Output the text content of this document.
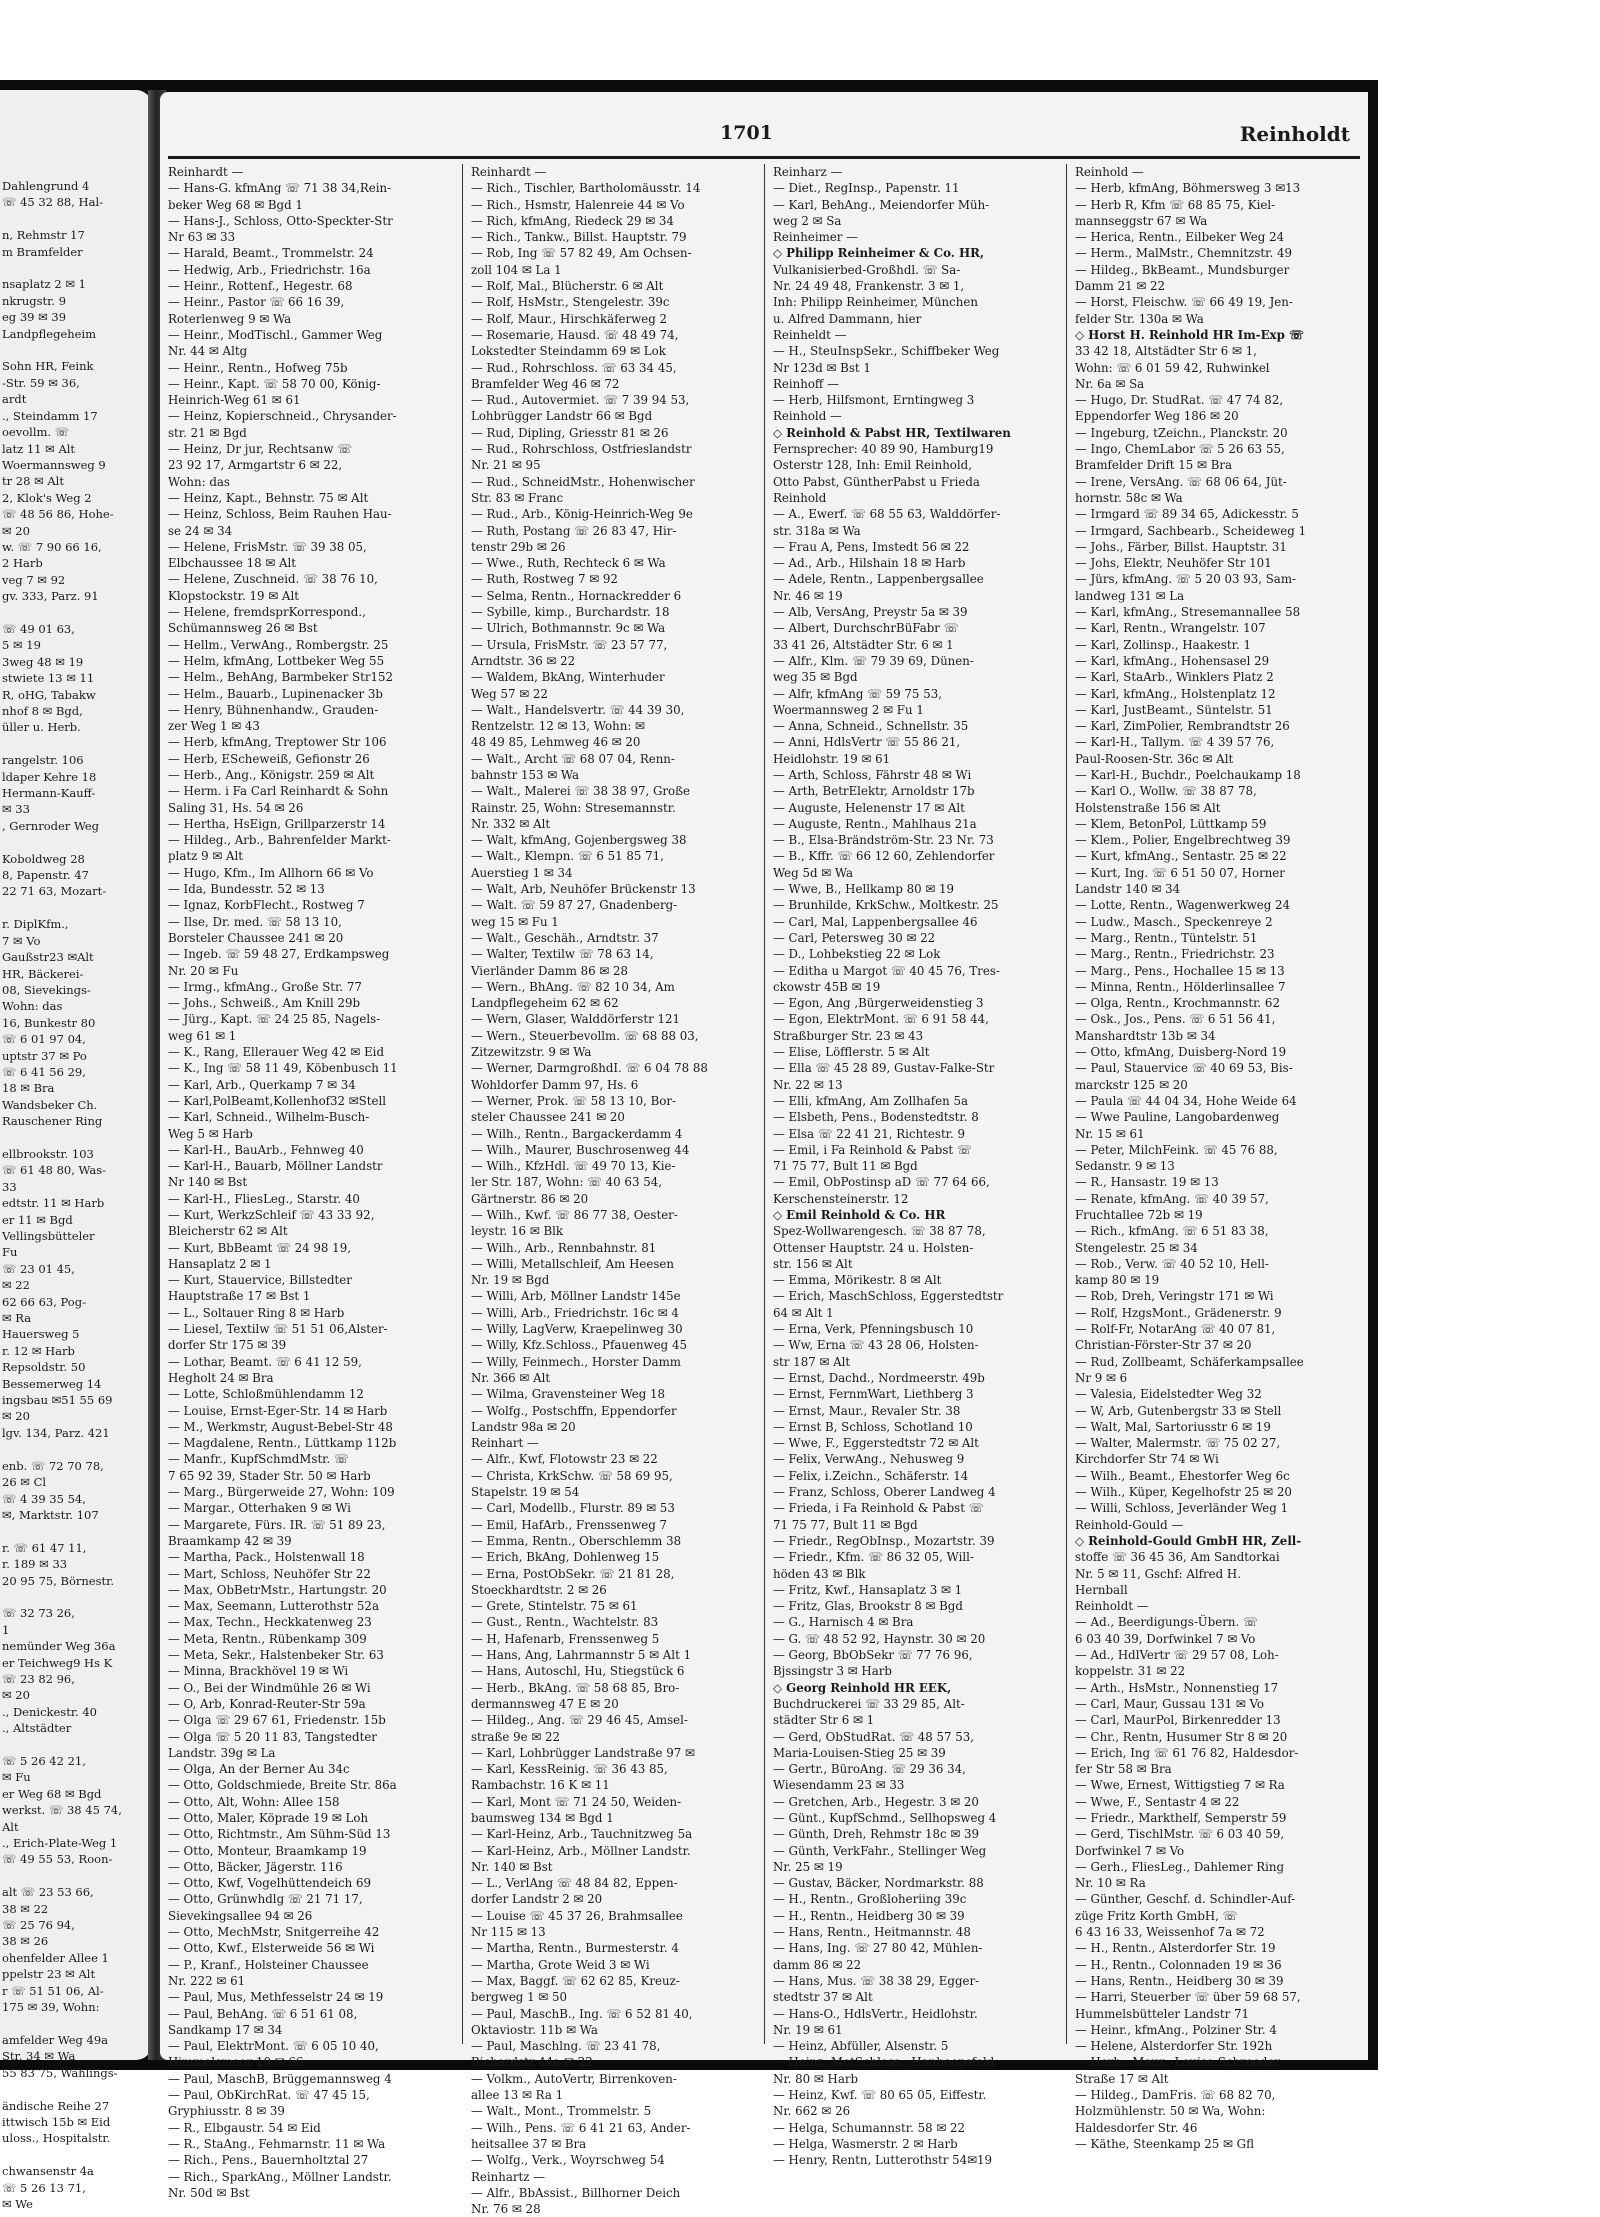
Dahlengrund 4
☏ 45 32 88, Hal-

n, Rehmstr 17
m Bramfelder

nsaplatz 2 ✉ 1
nkrugstr. 9
eg 39 ✉ 39
Landpflegeheim

Sohn HR, Feink
-Str. 59 ✉ 36,
ardt
., Steindamm 17
oevollm. ☏
latz 11 ✉ Alt
Woermannsweg 9
tr 28 ✉ Alt
2, Klok's Weg 2
☏ 48 56 86, Hohe-
✉ 20
w. ☏ 7 90 66 16,
2 Harb
veg 7 ✉ 92
gv. 333, Parz. 91

☏ 49 01 63,
5 ✉ 19
3weg 48 ✉ 19
stwiete 13 ✉ 11
R, oHG, Tabakw
nhof 8 ✉ Bgd,
üller u. Herb.

rangelstr. 106
ldaper Kehre 18
Hermann-Kauff-
✉ 33
, Gernroder Weg

Koboldweg 28
8, Papenstr. 47
22 71 63, Mozart-

r. DiplKfm.,
7 ✉ Vo
Gaußstr23 ✉Alt
HR, Bäckerei-
08, Sievekings-
Wohn: das
16, Bunkestr 80
☏ 6 01 97 04,
uptstr 37 ✉ Po
☏ 6 41 56 29,
18 ✉ Bra
Wandsbeker Ch.
Rauschener Ring

ellbrookstr. 103
☏ 61 48 80, Was-
33
edtstr. 11 ✉ Harb
er 11 ✉ Bgd
Vellingsbütteler
Fu
☏ 23 01 45,
✉ 22
62 66 63, Pog-
✉ Ra
Hauersweg 5
r. 12 ✉ Harb
Repsoldstr. 50
Bessemerweg 14
ingsbau ✉51 55 69
✉ 20
lgv. 134, Parz. 421

enb. ☏ 72 70 78,
26 ✉ Cl
☏ 4 39 35 54,
✉, Marktstr. 107

r. ☏ 61 47 11,
r. 189 ✉ 33
20 95 75, Börnestr.

☏ 32 73 26,
1
nemünder Weg 36a
er Teichweg9 Hs K
☏ 23 82 96,
✉ 20
., Denickestr. 40
., Altstädter

☏ 5 26 42 21,
✉ Fu
er Weg 68 ✉ Bgd
werkst. ☏ 38 45 74,
Alt
., Erich-Plate-Weg 1
☏ 49 55 53, Roon-

alt ☏ 23 53 66,
38 ✉ 22
☏ 25 76 94,
38 ✉ 26
ohenfelder Allee 1
ppelstr 23 ✉ Alt
r ☏ 51 51 06, Al-
175 ✉ 39, Wohn:

amfelder Weg 49a
Str. 34 ✉ Wa
55 83 75, Wählings-

ändische Reihe 27
ittwisch 15b ✉ Eid
uloss., Hospitalstr.

chwansenstr 4a
☏ 5 26 13 71,
✉ We
1701	Reinholdt
Reinhardt —
— Hans-G. kfmAng ☏ 71 38 34,Rein-
beker Weg 68 ✉ Bgd 1
— Hans-J., Schloss, Otto-Speckter-Str
Nr 63 ✉ 33
— Harald, Beamt., Trommelstr. 24
— Hedwig, Arb., Friedrichstr. 16a
— Heinr., Rottenf., Hegestr. 68
— Heinr., Pastor ☏ 66 16 39,
Roterlenweg 9 ✉ Wa
— Heinr., ModTischl., Gammer Weg
Nr. 44 ✉ Altg
— Heinr., Rentn., Hofweg 75b
— Heinr., Kapt. ☏ 58 70 00, König-
Heinrich-Weg 61 ✉ 61
— Heinz, Kopierschneid., Chrysander-
str. 21 ✉ Bgd
— Heinz, Dr jur, Rechtsanw ☏
23 92 17, Armgartstr 6 ✉ 22,
Wohn: das
— Heinz, Kapt., Behnstr. 75 ✉ Alt
— Heinz, Schloss, Beim Rauhen Hau-
se 24 ✉ 34
— Helene, FrisMstr. ☏ 39 38 05,
Elbchaussee 18 ✉ Alt
— Helene, Zuschneid. ☏ 38 76 10,
Klopstockstr. 19 ✉ Alt
— Helene, fremdsprKorrespond.,
Schümannsweg 26 ✉ Bst
— Hellm., VerwAng., Rombergstr. 25
— Helm, kfmAng, Lottbeker Weg 55
— Helm., BehAng, Barmbeker Str152
— Helm., Bauarb., Lupinenacker 3b
— Henry, Bühnenhandw., Grauden-
zer Weg 1 ✉ 43
— Herb, kfmAng, Treptower Str 106
— Herb, EScheweiß, Gefionstr 26
— Herb., Ang., Königstr. 259 ✉ Alt
— Herm. i Fa Carl Reinhardt & Sohn
Saling 31, Hs. 54 ✉ 26
— Hertha, HsEign, Grillparzerstr 14
— Hildeg., Arb., Bahrenfelder Markt-
platz 9 ✉ Alt
— Hugo, Kfm., Im Allhorn 66 ✉ Vo
— Ida, Bundesstr. 52 ✉ 13
— Ignaz, KorbFlecht., Rostweg 7
— Ilse, Dr. med. ☏ 58 13 10,
Borsteler Chaussee 241 ✉ 20
— Ingeb. ☏ 59 48 27, Erdkampsweg
Nr. 20 ✉ Fu
— Irmg., kfmAng., Große Str. 77
— Johs., Schweiß., Am Knill 29b
— Jürg., Kapt. ☏ 24 25 85, Nagels-
weg 61 ✉ 1
— K., Rang, Ellerauer Weg 42 ✉ Eid
— K., Ing ☏ 58 11 49, Köbenbusch 11
— Karl, Arb., Querkamp 7 ✉ 34
— Karl,PolBeamt,Kollenhof32 ✉Stell
— Karl, Schneid., Wilhelm-Busch-
Weg 5 ✉ Harb
— Karl-H., BauArb., Fehnweg 40
— Karl-H., Bauarb, Möllner Landstr
Nr 140 ✉ Bst
— Karl-H., FliesLeg., Starstr. 40
— Kurt, WerkzSchleif ☏ 43 33 92,
Bleicherstr 62 ✉ Alt
— Kurt, BbBeamt ☏ 24 98 19,
Hansaplatz 2 ✉ 1
— Kurt, Stauervice, Billstedter
Hauptstraße 17 ✉ Bst 1
— L., Soltauer Ring 8 ✉ Harb
— Liesel, Textilw ☏ 51 51 06,Alster-
dorfer Str 175 ✉ 39
— Lothar, Beamt. ☏ 6 41 12 59,
Hegholt 24 ✉ Bra
— Lotte, Schloßmühlendamm 12
— Louise, Ernst-Eger-Str. 14 ✉ Harb
— M., Werkmstr, August-Bebel-Str 48
— Magdalene, Rentn., Lüttkamp 112b
— Manfr., KupfSchmdMstr. ☏
7 65 92 39, Stader Str. 50 ✉ Harb
— Marg., Bürgerweide 27, Wohn: 109
— Margar., Otterhaken 9 ✉ Wi
— Margarete, Fürs. IR. ☏ 51 89 23,
Braamkamp 42 ✉ 39
— Martha, Pack., Holstenwall 18
— Mart, Schloss, Neuhöfer Str 22
— Max, ObBetrMstr., Hartungstr. 20
— Max, Seemann, Lutterothstr 52a
— Max, Techn., Heckkatenweg 23
— Meta, Rentn., Rübenkamp 309
— Meta, Sekr., Halstenbeker Str. 63
— Minna, Brackhövel 19 ✉ Wi
— O., Bei der Windmühle 26 ✉ Wi
— O, Arb, Konrad-Reuter-Str 59a
— Olga ☏ 29 67 61, Friedenstr. 15b
— Olga ☏ 5 20 11 83, Tangstedter
Landstr. 39g ✉ La
— Olga, An der Berner Au 34c
— Otto, Goldschmiede, Breite Str. 86a
— Otto, Alt, Wohn: Allee 158
— Otto, Maler, Köprade 19 ✉ Loh
— Otto, Richtmstr., Am Sühm-Süd 13
— Otto, Monteur, Braamkamp 19
— Otto, Bäcker, Jägerstr. 116
— Otto, Kwf, Vogelhüttendeich 69
— Otto, Grünwhdlg ☏ 21 71 17,
Sievekingsallee 94 ✉ 26
— Otto, MechMstr, Snitgerreihe 42
— Otto, Kwf., Elsterweide 56 ✉ Wi
— P., Kranf., Holsteiner Chaussee
Nr. 222 ✉ 61
— Paul, Mus, Methfesselstr 24 ✉ 19
— Paul, BehAng. ☏ 6 51 61 08,
Sandkamp 17 ✉ 34
— Paul, ElektrMont. ☏ 6 05 10 40,
Himmelsmoor 10 ✉ 66
— Paul, MaschB, Brüggemannsweg 4
— Paul, ObKirchRat. ☏ 47 45 15,
Gryphiusstr. 8 ✉ 39
— R., Elbgaustr. 54 ✉ Eid
— R., StaAng., Fehmarnstr. 11 ✉ Wa
— Rich., Pens., Bauernholtztal 27
— Rich., SparkAng., Möllner Landstr.
Nr. 50d ✉ Bst
Reinhardt —
— Rich., Tischler, Bartholomäusstr. 14
— Rich., Hsmstr, Halenreie 44 ✉ Vo
— Rich, kfmAng, Riedeck 29 ✉ 34
— Rich., Tankw., Billst. Hauptstr. 79
— Rob, Ing ☏ 57 82 49, Am Ochsen-
zoll 104 ✉ La 1
— Rolf, Mal., Blücherstr. 6 ✉ Alt
— Rolf, HsMstr., Stengelestr. 39c
— Rolf, Maur., Hirschkäferweg 2
— Rosemarie, Hausd. ☏ 48 49 74,
Lokstedter Steindamm 69 ✉ Lok
— Rud., Rohrschloss. ☏ 63 34 45,
Bramfelder Weg 46 ✉ 72
— Rud., Autovermiet. ☏ 7 39 94 53,
Lohbrügger Landstr 66 ✉ Bgd
— Rud, Dipling, Griesstr 81 ✉ 26
— Rud., Rohrschloss, Ostfrieslandstr
Nr. 21 ✉ 95
— Rud., SchneidMstr., Hohenwischer
Str. 83 ✉ Franc
— Rud., Arb., König-Heinrich-Weg 9e
— Ruth, Postang ☏ 26 83 47, Hir-
tenstr 29b ✉ 26
— Wwe., Ruth, Rechteck 6 ✉ Wa
— Ruth, Rostweg 7 ✉ 92
— Selma, Rentn., Hornackredder 6
— Sybille, kimp., Burchardstr. 18
— Ulrich, Bothmannstr. 9c ✉ Wa
— Ursula, FrisMstr. ☏ 23 57 77,
Arndtstr. 36 ✉ 22
— Waldem, BkAng, Winterhuder
Weg 57 ✉ 22
— Walt., Handelsvertr. ☏ 44 39 30,
Rentzelstr. 12 ✉ 13, Wohn: ✉
48 49 85, Lehmweg 46 ✉ 20
— Walt., Archt ☏ 68 07 04, Renn-
bahnstr 153 ✉ Wa
— Walt., Malerei ☏ 38 38 97, Große
Rainstr. 25, Wohn: Stresemannstr.
Nr. 332 ✉ Alt
— Walt, kfmAng, Gojenbergsweg 38
— Walt., Klempn. ☏ 6 51 85 71,
Auerstieg 1 ✉ 34
— Walt, Arb, Neuhöfer Brückenstr 13
— Walt. ☏ 59 87 27, Gnadenberg-
weg 15 ✉ Fu 1
— Walt., Geschäh., Arndtstr. 37
— Walter, Textilw ☏ 78 63 14,
Vierländer Damm 86 ✉ 28
— Wern., BhAng. ☏ 82 10 34, Am
Landpflegeheim 62 ✉ 62
— Wern, Glaser, Walddörferstr 121
— Wern., Steuerbevollm. ☏ 68 88 03,
Zitzewitzstr. 9 ✉ Wa
— Werner, DarmgroßhdI. ☏ 6 04 78 88
Wohldorfer Damm 97, Hs. 6
— Werner, Prok. ☏ 58 13 10, Bor-
steler Chaussee 241 ✉ 20
— Wilh., Rentn., Bargackerdamm 4
— Wilh., Maurer, Buschrosenweg 44
— Wilh., KfzHdl. ☏ 49 70 13, Kie-
ler Str. 187, Wohn: ☏ 40 63 54,
Gärtnerstr. 86 ✉ 20
— Wilh., Kwf. ☏ 86 77 38, Oester-
leystr. 16 ✉ Blk
— Wilh., Arb., Rennbahnstr. 81
— Willi, Metallschleif, Am Heesen
Nr. 19 ✉ Bgd
— Willi, Arb, Möllner Landstr 145e
— Willi, Arb., Friedrichstr. 16c ✉ 4
— Willy, LagVerw, Kraepelinweg 30
— Willy, Kfz.Schloss., Pfauenweg 45
— Willy, Feinmech., Horster Damm
Nr. 366 ✉ Alt
— Wilma, Gravensteiner Weg 18
— Wolfg., Postschffn, Eppendorfer
Landstr 98a ✉ 20
Reinhart —
— Alfr., Kwf, Flotowstr 23 ✉ 22
— Christa, KrkSchw. ☏ 58 69 95,
Stapelstr. 19 ✉ 54
— Carl, Modellb., Flurstr. 89 ✉ 53
— Emil, HafArb., Frenssenweg 7
— Emma, Rentn., Oberschlemm 38
— Erich, BkAng, Dohlenweg 15
— Erna, PostObSekr. ☏ 21 81 28,
Stoeckhardtstr. 2 ✉ 26
— Grete, Stintelstr. 75 ✉ 61
— Gust., Rentn., Wachtelstr. 83
— H, Hafenarb, Frenssenweg 5
— Hans, Ang, Lahrmannstr 5 ✉ Alt 1
— Hans, Autoschl, Hu, Stiegstück 6
— Herb., BkAng. ☏ 58 68 85, Bro-
dermannsweg 47 E ✉ 20
— Hildeg., Ang. ☏ 29 46 45, Amsel-
straße 9e ✉ 22
— Karl, Lohbrügger Landstraße 97 ✉
— Karl, KessReinig. ☏ 36 43 85,
Rambachstr. 16 K ✉ 11
— Karl, Mont ☏ 71 24 50, Weiden-
baumsweg 134 ✉ Bgd 1
— Karl-Heinz, Arb., Tauchnitzweg 5a
— Karl-Heinz, Arb., Möllner Landstr.
Nr. 140 ✉ Bst
— L., VerlAng ☏ 48 84 82, Eppen-
dorfer Landstr 2 ✉ 20
— Louise ☏ 45 37 26, Brahmsallee
Nr 115 ✉ 13
— Martha, Rentn., Burmesterstr. 4
— Martha, Grote Weid 3 ✉ Wi
— Max, Baggf. ☏ 62 62 85, Kreuz-
bergweg 1 ✉ 50
— Paul, MaschB., Ing. ☏ 6 52 81 40,
Oktaviostr. 11b ✉ Wa
— Paul, Maschlng. ☏ 23 41 78,
Richardstr 44a ✉ 22
— Volkm., AutoVertr, Birrenkoven-
allee 13 ✉ Ra 1
— Walt., Mont., Trommelstr. 5
— Wilh., Pens. ☏ 6 41 21 63, Ander-
heitsallee 37 ✉ Bra
— Wolfg., Verk., Woyrschweg 54
Reinhartz —
— Alfr., BbAssist., Billhorner Deich
Nr. 76 ✉ 28
Reinharz —
— Diet., RegInsp., Papenstr. 11
— Karl, BehAng., Meiendorfer Müh-
weg 2 ✉ Sa
Reinheimer —
◇ Philipp Reinheimer & Co. HR,
Vulkanisierbed-Großhdl. ☏ Sa-
Nr. 24 49 48, Frankenstr. 3 ✉ 1,
Inh: Philipp Reinheimer, München
u. Alfred Dammann, hier
Reinheldt —
— H., SteuInspSekr., Schiffbeker Weg
Nr 123d ✉ Bst 1
Reinhoff —
— Herb, Hilfsmont, Erntingweg 3
Reinhold —
◇ Reinhold & Pabst HR, Textilwaren
Fernsprecher: 40 89 90, Hamburg19
Osterstr 128, Inh: Emil Reinhold,
Otto Pabst, GüntherPabst u Frieda
Reinhold
— A., Ewerf. ☏ 68 55 63, Walddörfer-
str. 318a ✉ Wa
— Frau A, Pens, Imstedt 56 ✉ 22
— Ad., Arb., Hilshain 18 ✉ Harb
— Adele, Rentn., Lappenbergsallee
Nr. 46 ✉ 19
— Alb, VersAng, Preystr 5a ✉ 39
— Albert, DurchschrBüFabr ☏
33 41 26, Altstädter Str. 6 ✉ 1
— Alfr., Klm. ☏ 79 39 69, Dünen-
weg 35 ✉ Bgd
— Alfr, kfmAng ☏ 59 75 53,
Woermannsweg 2 ✉ Fu 1
— Anna, Schneid., Schnellstr. 35
— Anni, HdlsVertr ☏ 55 86 21,
Heidlohstr. 19 ✉ 61
— Arth, Schloss, Fährstr 48 ✉ Wi
— Arth, BetrElektr, Arnoldstr 17b
— Auguste, Helenenstr 17 ✉ Alt
— Auguste, Rentn., Mahlhaus 21a
— B., Elsa-Brändström-Str. 23 Nr. 73
— B., Kffr. ☏ 66 12 60, Zehlendorfer
Weg 5d ✉ Wa
— Wwe, B., Hellkamp 80 ✉ 19
— Brunhilde, KrkSchw., Moltkestr. 25
— Carl, Mal, Lappenbergsallee 46
— Carl, Petersweg 30 ✉ 22
— D., Lohbekstieg 22 ✉ Lok
— Editha u Margot ☏ 40 45 76, Tres-
ckowstr 45B ✉ 19
— Egon, Ang ,Bürgerweidenstieg 3
— Egon, ElektrMont. ☏ 6 91 58 44,
Straßburger Str. 23 ✉ 43
— Elise, Löfflerstr. 5 ✉ Alt
— Ella ☏ 45 28 89, Gustav-Falke-Str
Nr. 22 ✉ 13
— Elli, kfmAng, Am Zollhafen 5a
— Elsbeth, Pens., Bodenstedtstr. 8
— Elsa ☏ 22 41 21, Richtestr. 9
— Emil, i Fa Reinhold & Pabst ☏
71 75 77, Bult 11 ✉ Bgd
— Emil, ObPostinsp aD ☏ 77 64 66,
Kerschensteinerstr. 12
◇ Emil Reinhold & Co. HR
Spez-Wollwarengesch. ☏ 38 87 78,
Ottenser Hauptstr. 24 u. Holsten-
str. 156 ✉ Alt
— Emma, Mörikestr. 8 ✉ Alt
— Erich, MaschSchloss, Eggerstedtstr
64 ✉ Alt 1
— Erna, Verk, Pfenningsbusch 10
— Ww, Erna ☏ 43 28 06, Holsten-
str 187 ✉ Alt
— Ernst, Dachd., Nordmeerstr. 49b
— Ernst, FernmWart, Liethberg 3
— Ernst, Maur., Revaler Str. 38
— Ernst B, Schloss, Schotland 10
— Wwe, F., Eggerstedtstr 72 ✉ Alt
— Felix, VerwAng., Nehusweg 9
— Felix, i.Zeichn., Schäferstr. 14
— Franz, Schloss, Oberer Landweg 4
— Frieda, i Fa Reinhold & Pabst ☏
71 75 77, Bult 11 ✉ Bgd
— Friedr., RegObInsp., Mozartstr. 39
— Friedr., Kfm. ☏ 86 32 05, Will-
höden 43 ✉ Blk
— Fritz, Kwf., Hansaplatz 3 ✉ 1
— Fritz, Glas, Brookstr 8 ✉ Bgd
— G., Harnisch 4 ✉ Bra
— G. ☏ 48 52 92, Haynstr. 30 ✉ 20
— Georg, BbObSekr ☏ 77 76 96,
Bjssingstr 3 ✉ Harb
◇ Georg Reinhold HR EEK,
Buchdruckerei ☏ 33 29 85, Alt-
städter Str 6 ✉ 1
— Gerd, ObStudRat. ☏ 48 57 53,
Maria-Louisen-Stieg 25 ✉ 39
— Gertr., BüroAng. ☏ 29 36 34,
Wiesendamm 23 ✉ 33
— Gretchen, Arb., Hegestr. 3 ✉ 20
— Günt., KupfSchmd., Sellhopsweg 4
— Günth, Dreh, Rehmstr 18c ✉ 39
— Günth, VerkFahr., Stellinger Weg
Nr. 25 ✉ 19
— Gustav, Bäcker, Nordmarkstr. 88
— H., Rentn., Großloheriing 39c
— H., Rentn., Heidberg 30 ✉ 39
— Hans, Rentn., Heitmannstr. 48
— Hans, Ing. ☏ 27 80 42, Mühlen-
damm 86 ✉ 22
— Hans, Mus. ☏ 38 38 29, Egger-
stedtstr 37 ✉ Alt
— Hans-O., HdlsVertr., Heidlohstr.
Nr. 19 ✉ 61
— Heinz, Abfüller, Alsenstr. 5
— Heinz, MotSchloss., Hanhoopsfeld
Nr. 80 ✉ Harb
— Heinz, Kwf. ☏ 80 65 05, Eiffestr.
Nr. 662 ✉ 26
— Helga, Schumannstr. 58 ✉ 22
— Helga, Wasmerstr. 2 ✉ Harb
— Henry, Rentn, Lutterothstr 54✉19
Reinhold —
— Herb, kfmAng, Böhmersweg 3 ✉13
— Herb R, Kfm ☏ 68 85 75, Kiel-
mannseggstr 67 ✉ Wa
— Herica, Rentn., Eilbeker Weg 24
— Herm., MalMstr., Chemnitzstr. 49
— Hildeg., BkBeamt., Mundsburger
Damm 21 ✉ 22
— Horst, Fleischw. ☏ 66 49 19, Jen-
felder Str. 130a ✉ Wa
◇ Horst H. Reinhold HR Im-Exp ☏
33 42 18, Altstädter Str 6 ✉ 1,
Wohn: ☏ 6 01 59 42, Ruhwinkel
Nr. 6a ✉ Sa
— Hugo, Dr. StudRat. ☏ 47 74 82,
Eppendorfer Weg 186 ✉ 20
— Ingeburg, tZeichn., Planckstr. 20
— Ingo, ChemLabor ☏ 5 26 63 55,
Bramfelder Drift 15 ✉ Bra
— Irene, VersAng. ☏ 68 06 64, Jüt-
hornstr. 58c ✉ Wa
— Irmgard ☏ 89 34 65, Adickesstr. 5
— Irmgard, Sachbearb., Scheideweg 1
— Johs., Färber, Billst. Hauptstr. 31
— Johs, Elektr, Neuhöfer Str 101
— Jürs, kfmAng. ☏ 5 20 03 93, Sam-
landweg 131 ✉ La
— Karl, kfmAng., Stresemannallee 58
— Karl, Rentn., Wrangelstr. 107
— Karl, Zollinsp., Haakestr. 1
— Karl, kfmAng., Hohensasel 29
— Karl, StaArb., Winklers Platz 2
— Karl, kfmAng., Holstenplatz 12
— Karl, JustBeamt., Süntelstr. 51
— Karl, ZimPolier, Rembrandtstr 26
— Karl-H., Tallym. ☏ 4 39 57 76,
Paul-Roosen-Str. 36c ✉ Alt
— Karl-H., Buchdr., Poelchaukamp 18
— Karl O., Wollw. ☏ 38 87 78,
Holstenstraße 156 ✉ Alt
— Klem, BetonPol, Lüttkamp 59
— Klem., Polier, Engelbrechtweg 39
— Kurt, kfmAng., Sentastr. 25 ✉ 22
— Kurt, Ing. ☏ 6 51 50 07, Horner
Landstr 140 ✉ 34
— Lotte, Rentn., Wagenwerkweg 24
— Ludw., Masch., Speckenreye 2
— Marg., Rentn., Tüntelstr. 51
— Marg., Rentn., Friedrichstr. 23
— Marg., Pens., Hochallee 15 ✉ 13
— Minna, Rentn., Hölderlinsallee 7
— Olga, Rentn., Krochmannstr. 62
— Osk., Jos., Pens. ☏ 6 51 56 41,
Manshardtstr 13b ✉ 34
— Otto, kfmAng, Duisberg-Nord 19
— Paul, Stauervice ☏ 40 69 53, Bis-
marckstr 125 ✉ 20
— Paula ☏ 44 04 34, Hohe Weide 64
— Wwe Pauline, Langobardenweg
Nr. 15 ✉ 61
— Peter, MilchFeink. ☏ 45 76 88,
Sedanstr. 9 ✉ 13
— R., Hansastr. 19 ✉ 13
— Renate, kfmAng. ☏ 40 39 57,
Fruchtallee 72b ✉ 19
— Rich., kfmAng. ☏ 6 51 83 38,
Stengelestr. 25 ✉ 34
— Rob., Verw. ☏ 40 52 10, Hell-
kamp 80 ✉ 19
— Rob, Dreh, Veringstr 171 ✉ Wi
— Rolf, HzgsMont., Grädenerstr. 9
— Rolf-Fr, NotarAng ☏ 40 07 81,
Christian-Förster-Str 37 ✉ 20
— Rud, Zollbeamt, Schäferkampsallee
Nr 9 ✉ 6
— Valesia, Eidelstedter Weg 32
— W, Arb, Gutenbergstr 33 ✉ Stell
— Walt, Mal, Sartoriusstr 6 ✉ 19
— Walter, Malermstr. ☏ 75 02 27,
Kirchdorfer Str 74 ✉ Wi
— Wilh., Beamt., Ehestorfer Weg 6c
— Wilh., Küper, Kegelhofstr 25 ✉ 20
— Willi, Schloss, Jeverländer Weg 1
Reinhold-Gould —
◇ Reinhold-Gould GmbH HR, Zell-
stoffe ☏ 36 45 36, Am Sandtorkai
Nr. 5 ✉ 11, Gschf: Alfred H.
Hernball
Reinholdt —
— Ad., Beerdigungs-Übern. ☏
6 03 40 39, Dorfwinkel 7 ✉ Vo
— Ad., HdlVertr ☏ 29 57 08, Loh-
koppelstr. 31 ✉ 22
— Arth., HsMstr., Nonnenstieg 17
— Carl, Maur, Gussau 131 ✉ Vo
— Carl, MaurPol, Birkenredder 13
— Chr., Rentn, Husumer Str 8 ✉ 20
— Erich, Ing ☏ 61 76 82, Haldesdor-
fer Str 58 ✉ Bra
— Wwe, Ernest, Wittigstieg 7 ✉ Ra
— Wwe, F., Sentastr 4 ✉ 22
— Friedr., Markthelf, Semperstr 59
— Gerd, TischlMstr. ☏ 6 03 40 59,
Dorfwinkel 7 ✉ Vo
— Gerh., FliesLeg., Dahlemer Ring
Nr. 10 ✉ Ra
— Günther, Geschf. d. Schindler-Auf-
züge Fritz Korth GmbH, ☏
6 43 16 33, Weissenhof 7a ✉ 72
— H., Rentn., Alsterdorfer Str. 19
— H., Rentn., Colonnaden 19 ✉ 36
— Hans, Rentn., Heidberg 30 ✉ 39
— Harri, Steuerber ☏ über 59 68 57,
Hummelsbütteler Landstr 71
— Heinr., kfmAng., Polziner Str. 4
— Helene, Alsterdorfer Str. 192h
— Herb., Maur., Louise-Schroeder-
Straße 17 ✉ Alt
— Hildeg., DamFris. ☏ 68 82 70,
Holzmühlenstr. 50 ✉ Wa, Wohn:
Haldesdorfer Str. 46
— Käthe, Steenkamp 25 ✉ Gfl
